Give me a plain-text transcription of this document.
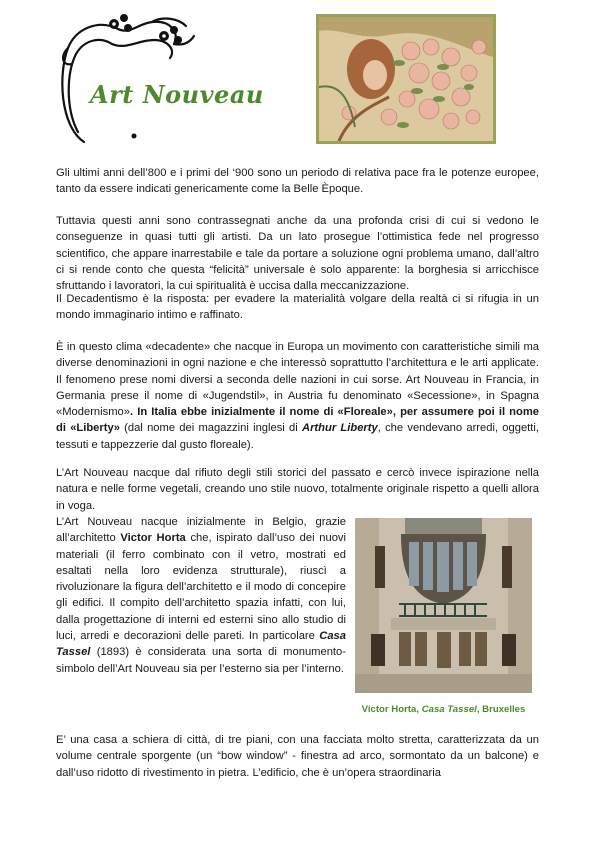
Art Nouveau

Gli ultimi anni dell’800 e i primi del ‘900 sono un periodo di relativa pace fra le potenze europee, tanto da essere indicati genericamente come la Belle Èpoque.

Tuttavia questi anni sono contrassegnati anche da una profonda crisi di cui si vedono le conseguenze in quasi tutti gli artisti. Da un lato prosegue l’ottimistica fede nel progresso scientifico, che appare inarrestabile e tale da portare a soluzione ogni problema umano, dall’altro ci si rende conto che questa “felicità” universale è solo apparente: la borghesia si arricchisce sfruttando i lavoratori, la cui spiritualità è uccisa dalla meccanizzazione.

Il Decadentismo è la risposta: per evadere la materialità volgare della realtà ci si rifugia in un mondo immaginario intimo e raffinato.

È in questo clima «decadente» che nacque in Europa un movimento con caratteristiche simili ma diverse denominazioni in ogni nazione e che interessò soprattutto l’architettura e le arti applicate. Il fenomeno prese nomi diversi a seconda delle nazioni in cui sorse. Art Nouveau in Francia, in Germania prese il nome di «Jugendstil», in Austria fu denominato «Secessione», in Spagna «Modernismo». In Italia ebbe inizialmente il nome di «Floreale», per assumere poi il nome di «Liberty» (dal nome dei magazzini inglesi di Arthur Liberty, che vendevano arredi, oggetti, tessuti e tappezzerie dal gusto floreale).

L’Art Nouveau nacque dal rifiuto degli stili storici del passato e cercò invece ispirazione nella natura e nelle forme vegetali, creando uno stile nuovo, totalmente originale rispetto a quelli allora in voga.

L’Art Nouveau nacque inizialmente in Belgio, grazie all’architetto Victor Horta che, ispirato dall’uso dei nuovi materiali (il ferro combinato con il vetro, mostrati ed esaltati nella loro evidenza strutturale), riuscì a rivoluzionare la figura dell’architetto e il modo di concepire gli edifici. Il compito dell’architetto spazia infatti, con lui, dalla progettazione di interni ed esterni sino allo studio di luci, arredi e decorazioni delle pareti. In particolare Casa Tassel (1893) è considerata una sorta di monumento-simbolo dell’Art Nouveau sia per l’esterno sia per l’interno.

Victor Horta, Casa Tassel, Bruxelles

E’ una casa a schiera di città, di tre piani, con una facciata molto stretta, caratterizzata da un volume centrale sporgente (un “bow window” - finestra ad arco, sormontato da un balcone) e dall’uso ridotto di rivestimento in pietra. L’edificio, che è un’opera straordinaria
